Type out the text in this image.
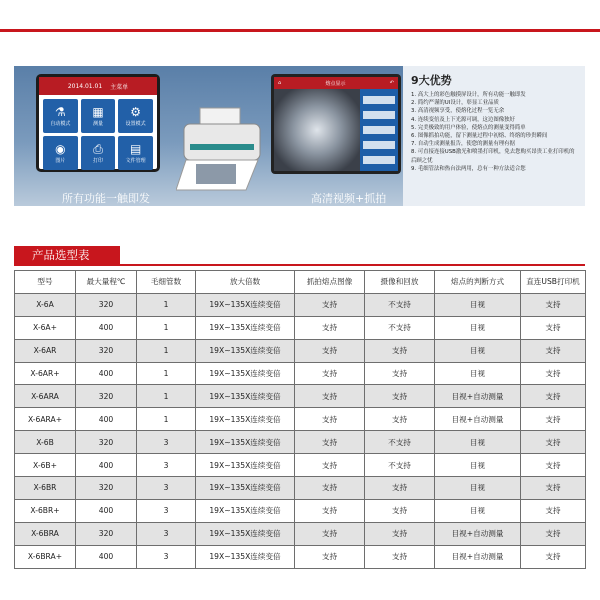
2014.01.01 主菜单
⚗
自动模式
▦
测量
⚙
设置模式
◉
图片
⎙
打印
▤
文件管理
⌂	熔点显示	↶
所有功能一触即发	高清视频+抓拍
9大优势
1. 高大上的彩色触摸屏设计，所有功能一触即发
2. 简约严谨的UI设计，彰显工业品质
3. 高清视频享受，使熔化过程一览无余
4. 连续变倍及上下光源可调，这边图像独好
5. 完美极致的用户体验，使熔点的测量变得简单
6. 图像抓拍功能，留下测量过程中初熔、终熔的珍贵瞬间
7. 自动生成测量报告，使您的测量有理有据
8. 可直接连接USB激光和喷墨打印机，免去您购买昂贵工业打印机的后顾之忧
9. 毛细管法和热台法两用，总有一种方法适合您
产品选型表
型号	最大量程℃	毛细管数	放大倍数	抓拍熔点图像	摄像和回放	熔点的判断方式	直连USB打印机
X-6A	320	1	19X~135X连续变倍	支持	不支持	目视	支持
X-6A+	400	1	19X~135X连续变倍	支持	不支持	目视	支持
X-6AR	320	1	19X~135X连续变倍	支持	支持	目视	支持
X-6AR+	400	1	19X~135X连续变倍	支持	支持	目视	支持
X-6ARA	320	1	19X~135X连续变倍	支持	支持	目视+自动测量	支持
X-6ARA+	400	1	19X~135X连续变倍	支持	支持	目视+自动测量	支持
X-6B	320	3	19X~135X连续变倍	支持	不支持	目视	支持
X-6B+	400	3	19X~135X连续变倍	支持	不支持	目视	支持
X-6BR	320	3	19X~135X连续变倍	支持	支持	目视	支持
X-6BR+	400	3	19X~135X连续变倍	支持	支持	目视	支持
X-6BRA	320	3	19X~135X连续变倍	支持	支持	目视+自动测量	支持
X-6BRA+	400	3	19X~135X连续变倍	支持	支持	目视+自动测量	支持
